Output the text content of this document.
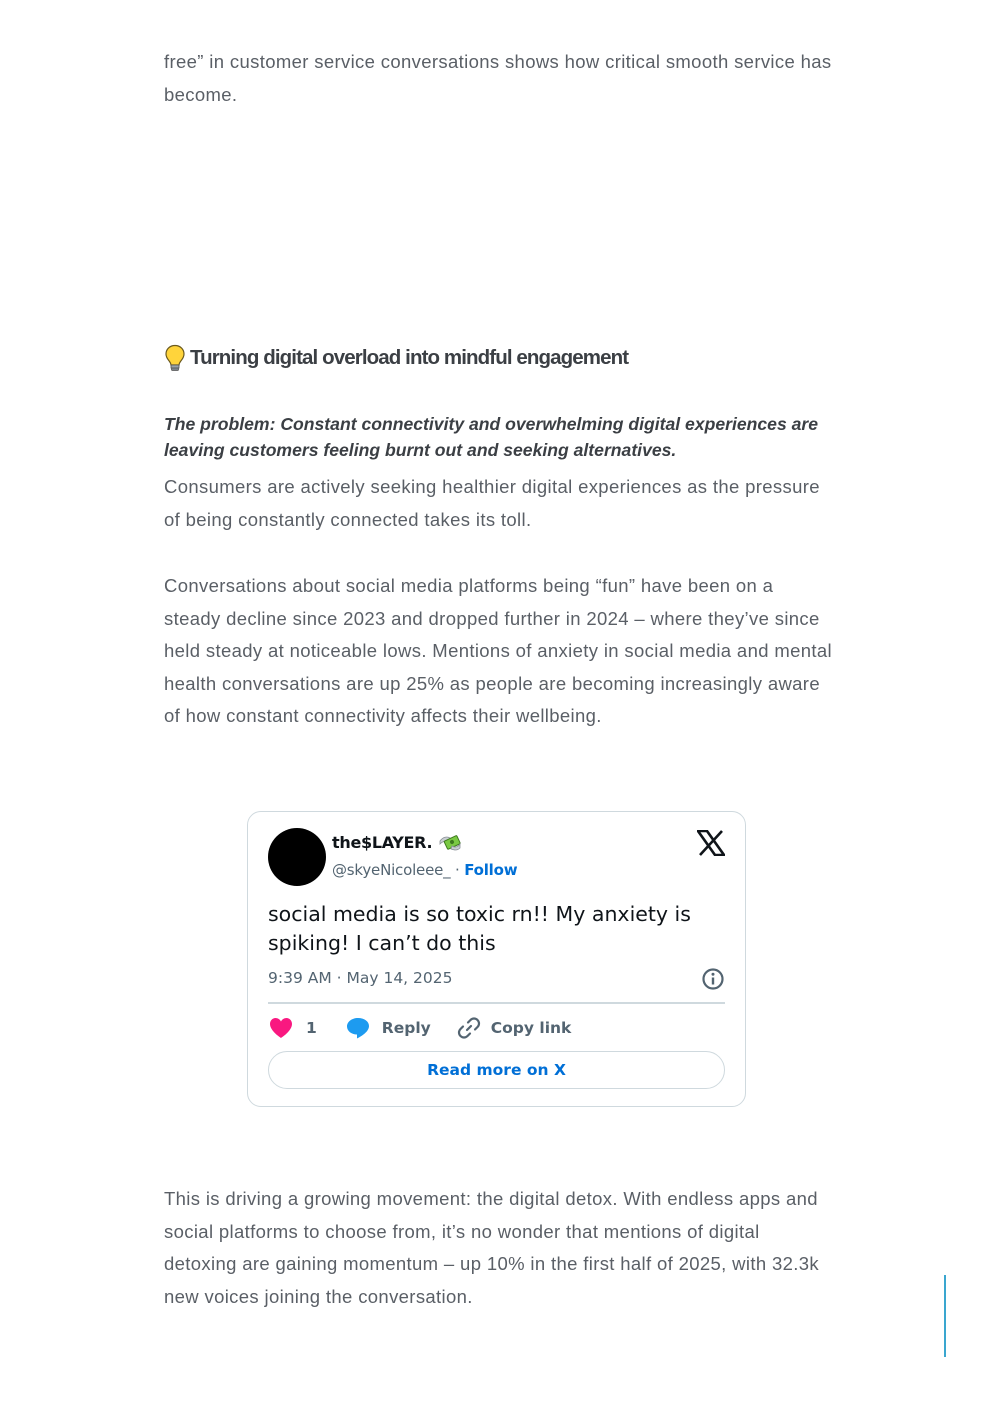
free” in customer service conversations shows how critical smooth service has become.

Turning digital overload into mindful engagement

The problem: Constant connectivity and overwhelming digital experiences are leaving customers feeling burnt out and seeking alternatives.

Consumers are actively seeking healthier digital experiences as the pressure of being constantly connected takes its toll.

Conversations about social media platforms being “fun” have been on a steady decline since 2023 and dropped further in 2024 – where they’ve since held steady at noticeable lows. Mentions of anxiety in social media and mental health conversations are up 25% as people are becoming increasingly aware of how constant connectivity affects their wellbeing.

the$LAYER.
@skyeNicoleee_ · Follow

social media is so toxic rn!! My anxiety is spiking! I can’t do this

9:39 AM · May 14, 2025
1	Reply	Copy link
Read more on X

This is driving a growing movement: the digital detox. With endless apps and social platforms to choose from, it’s no wonder that mentions of digital detoxing are gaining momentum – up 10% in the first half of 2025, with 32.3k new voices joining the conversation.
